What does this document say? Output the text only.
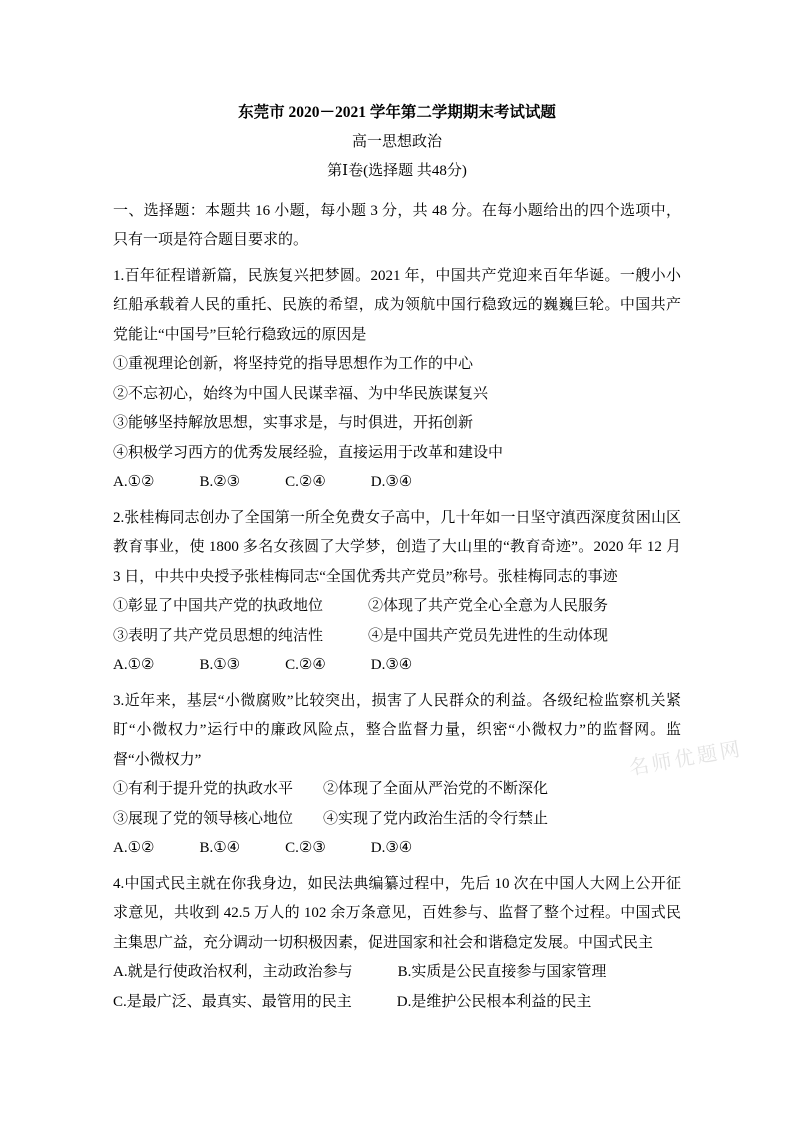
名师优题网
东莞市 2020－2021 学年第二学期期末考试试题
高一思想政治
第Ⅰ卷(选择题 共48分)

一、选择题：本题共 16 小题，每小题 3 分，共 48 分。在每小题给出的四个选项中，只有一项是符合题目要求的。

1.百年征程谱新篇，民族复兴把梦圆。2021 年，中国共产党迎来百年华诞。一艘小小红船承载着人民的重托、民族的希望，成为领航中国行稳致远的巍巍巨轮。中国共产党能让“中国号”巨轮行稳致远的原因是

①重视理论创新，将坚持党的指导思想作为工作的中心

②不忘初心，始终为中国人民谋幸福、为中华民族谋复兴

③能够坚持解放思想，实事求是，与时俱进，开拓创新

④积极学习西方的优秀发展经验，直接运用于改革和建设中

A.①②　　　B.②③　　　C.②④　　　D.③④

2.张桂梅同志创办了全国第一所全免费女子高中，几十年如一日坚守滇西深度贫困山区教育事业，使 1800 多名女孩圆了大学梦，创造了大山里的“教育奇迹”。2020 年 12 月 3 日，中共中央授予张桂梅同志“全国优秀共产党员”称号。张桂梅同志的事迹

①彰显了中国共产党的执政地位　　　②体现了共产党全心全意为人民服务

③表明了共产党员思想的纯洁性　　　④是中国共产党员先进性的生动体现

A.①②　　　B.①③　　　C.②④　　　D.③④

3.近年来，基层“小微腐败”比较突出，损害了人民群众的利益。各级纪检监察机关紧盯“小微权力”运行中的廉政风险点，整合监督力量，织密“小微权力”的监督网。监督“小微权力”

①有利于提升党的执政水平　　②体现了全面从严治党的不断深化

③展现了党的领导核心地位　　④实现了党内政治生活的令行禁止

A.①②　　　B.①④　　　C.②③　　　D.③④

4.中国式民主就在你我身边，如民法典编纂过程中，先后 10 次在中国人大网上公开征求意见，共收到 42.5 万人的 102 余万条意见，百姓参与、监督了整个过程。中国式民主集思广益，充分调动一切积极因素，促进国家和社会和谐稳定发展。中国式民主

A.就是行使政治权利，主动政治参与　　　B.实质是公民直接参与国家管理

C.是最广泛、最真实、最管用的民主　　　D.是维护公民根本利益的民主
